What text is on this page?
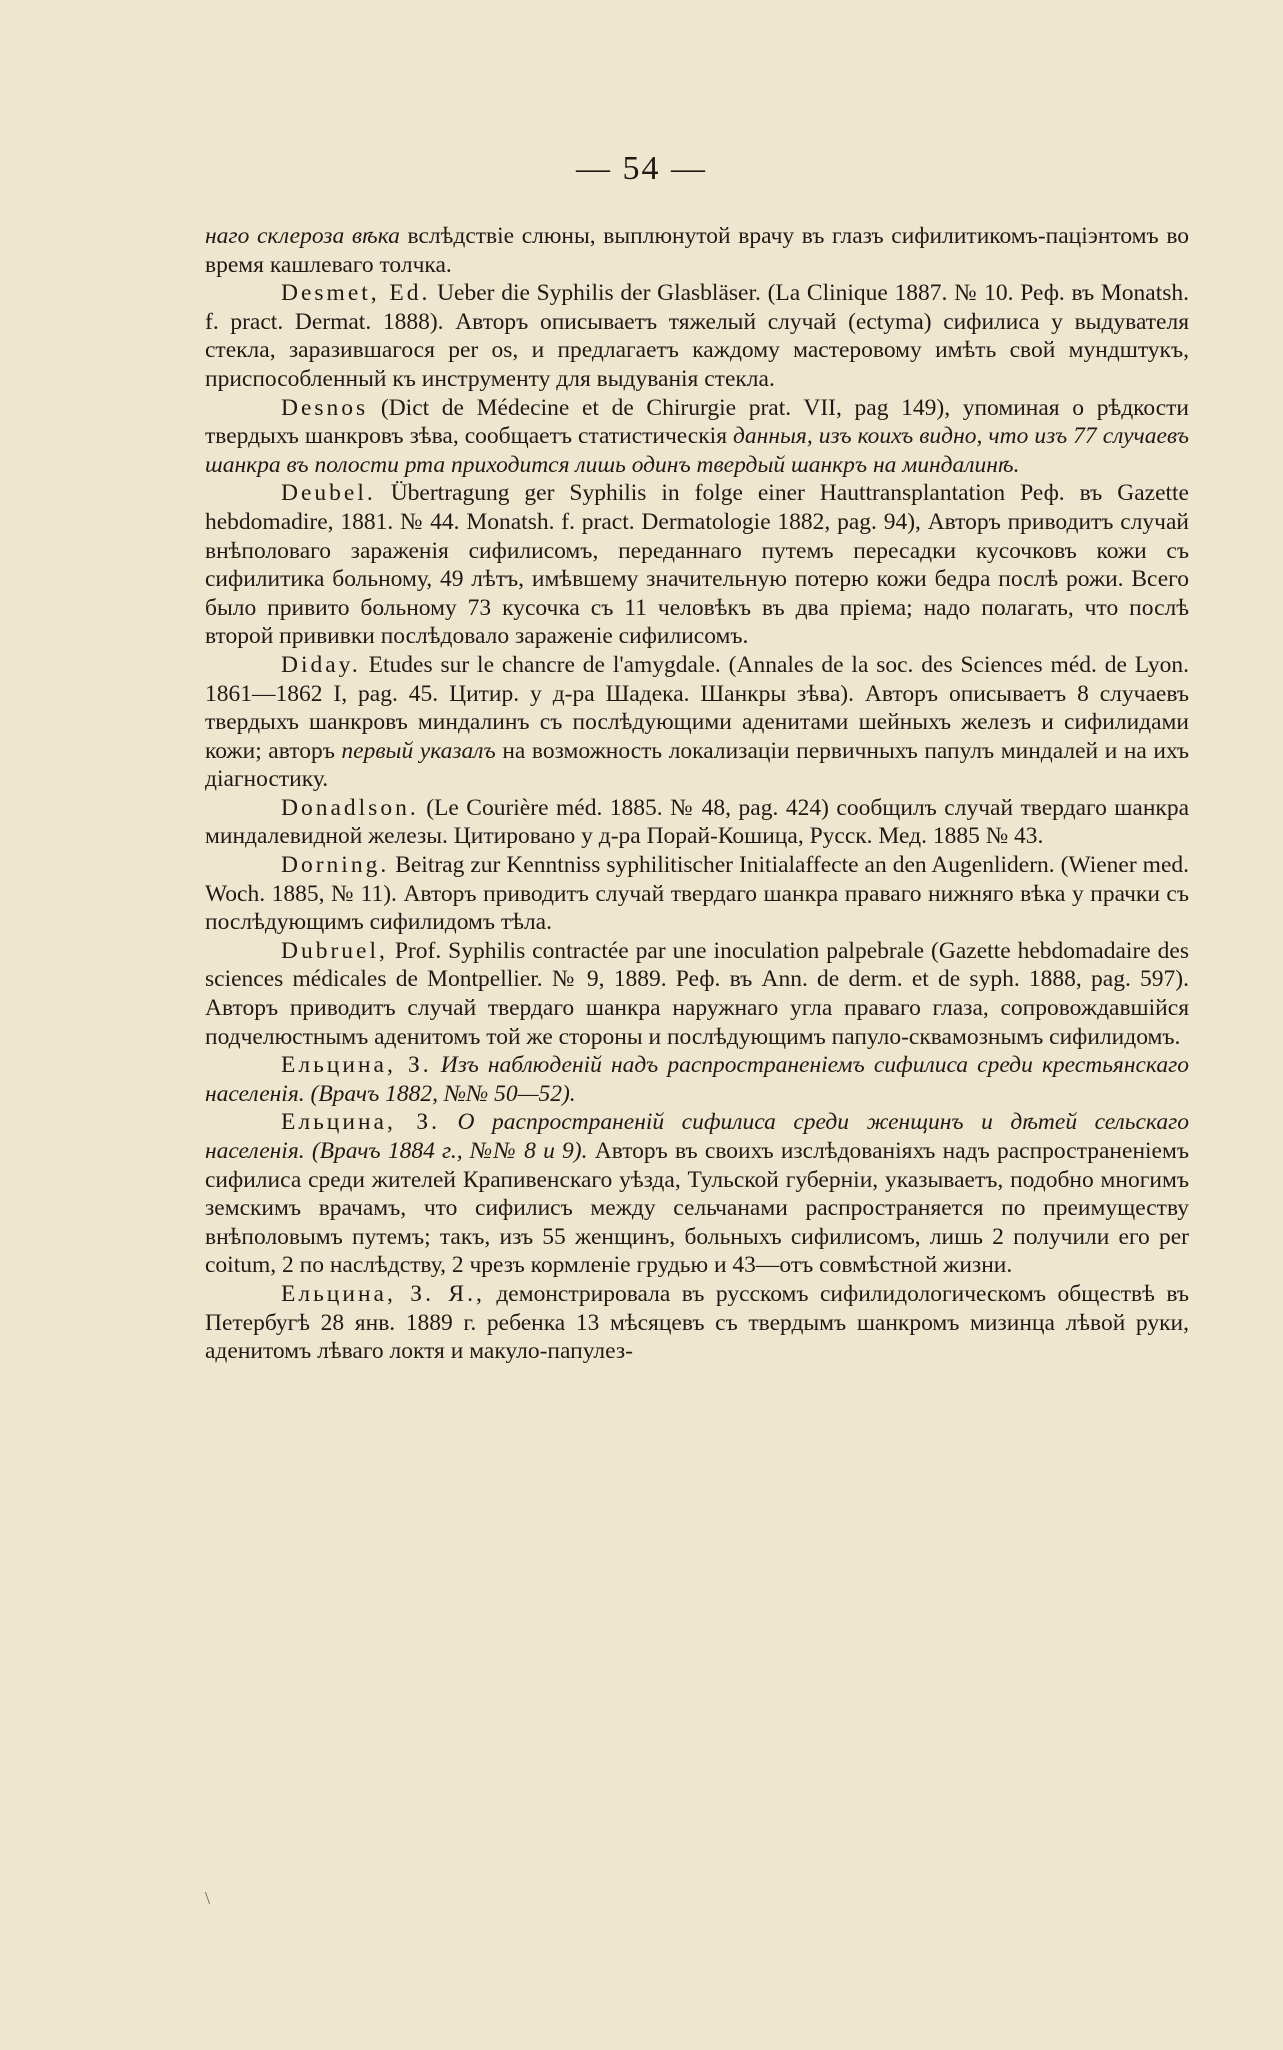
— 54 —

наго склероза вѣка вслѣдствіе слюны, выплюнутой врачу въ глазъ сифилитикомъ-паціэнтомъ во время кашлеваго толчка.

Desmet, Ed. Ueber die Syphilis der Glasbläser. (La Clinique 1887. № 10. Реф. въ Monatsh. f. pract. Dermat. 1888). Авторъ описываетъ тяжелый случай (ectyma) сифилиса у выдувателя стекла, заразившагося per os, и предлагаетъ каждому мастеровому имѣть свой мундштукъ, приспособленный къ инструменту для выдуванія стекла.

Desnos (Dict de Médecine et de Chirurgie prat. VII, pag 149), упоминая о рѣдкости твердыхъ шанкровъ зѣва, сообщаетъ статистическія данныя, изъ коихъ видно, что изъ 77 случаевъ шанкра въ полости рта приходится лишь одинъ твердый шанкръ на миндалинѣ.

Deubel. Übertragung ger Syphilis in folge einer Hauttransplantation Реф. въ Gazette hebdomadire, 1881. № 44. Monatsh. f. pract. Dermatologie 1882, pag. 94), Авторъ приводитъ случай внѣполоваго зараженія сифилисомъ, переданнаго путемъ пересадки кусочковъ кожи съ сифилитика больному, 49 лѣтъ, имѣвшему значительную потерю кожи бедра послѣ рожи. Всего было привито больному 73 кусочка съ 11 человѣкъ въ два пріема; надо полагать, что послѣ второй прививки послѣдовало зараженіе сифилисомъ.

Diday. Etudes sur le chancre de l'amygdale. (Annales de la soc. des Sciences méd. de Lyon. 1861—1862 I, pag. 45. Цитир. у д-ра Шадека. Шанкры зѣва). Авторъ описываетъ 8 случаевъ твердыхъ шанкровъ миндалинъ съ послѣдующими аденитами шейныхъ железъ и сифилидами кожи; авторъ первый указалъ на возможность локализаціи первичныхъ папулъ миндалей и на ихъ діагностику.

Donadlson. (Le Courière méd. 1885. № 48, pag. 424) сообщилъ случай твердаго шанкра миндалевидной железы. Цитировано у д-ра Порай-Кошица, Русск. Мед. 1885 № 43.

Dorning. Beitrag zur Kenntniss syphilitischer Initialaffecte an den Augenlidern. (Wiener med. Woch. 1885, № 11). Авторъ приводитъ случай твердаго шанкра праваго нижняго вѣка у прачки съ послѣдующимъ сифилидомъ тѣла.

Dubruel, Prof. Syphilis contractée par une inoculation palpebrale (Gazette hebdomadaire des sciences médicales de Montpellier. № 9, 1889. Реф. въ Ann. de derm. et de syph. 1888, pag. 597). Авторъ приводитъ случай твердаго шанкра наружнаго угла праваго глаза, сопровождавшійся подчелюстнымъ аденитомъ той же стороны и послѣдующимъ папуло-сквамознымъ сифилидомъ.

Ельцина, З. Изъ наблюденій надъ распространеніемъ сифилиса среди крестьянскаго населенія. (Врачъ 1882, №№ 50—52).

Ельцина, З. О распространеній сифилиса среди женщинъ и дѣтей сельскаго населенія. (Врачъ 1884 г., №№ 8 и 9). Авторъ въ своихъ изслѣдованіяхъ надъ распространеніемъ сифилиса среди жителей Крапивенскаго уѣзда, Тульской губерніи, указываетъ, подобно многимъ земскимъ врачамъ, что сифилисъ между сельчанами распространяется по преимуществу внѣполовымъ путемъ; такъ, изъ 55 женщинъ, больныхъ сифилисомъ, лишь 2 получили его per coitum, 2 по наслѣдству, 2 чрезъ кормленіе грудью и 43—отъ совмѣстной жизни.

Ельцина, З. Я., демонстрировала въ русскомъ сифилидологическомъ обществѣ въ Петербугѣ 28 янв. 1889 г. ребенка 13 мѣсяцевъ съ твердымъ шанкромъ мизинца лѣвой руки, аденитомъ лѣваго локтя и макуло-папулез-

\
